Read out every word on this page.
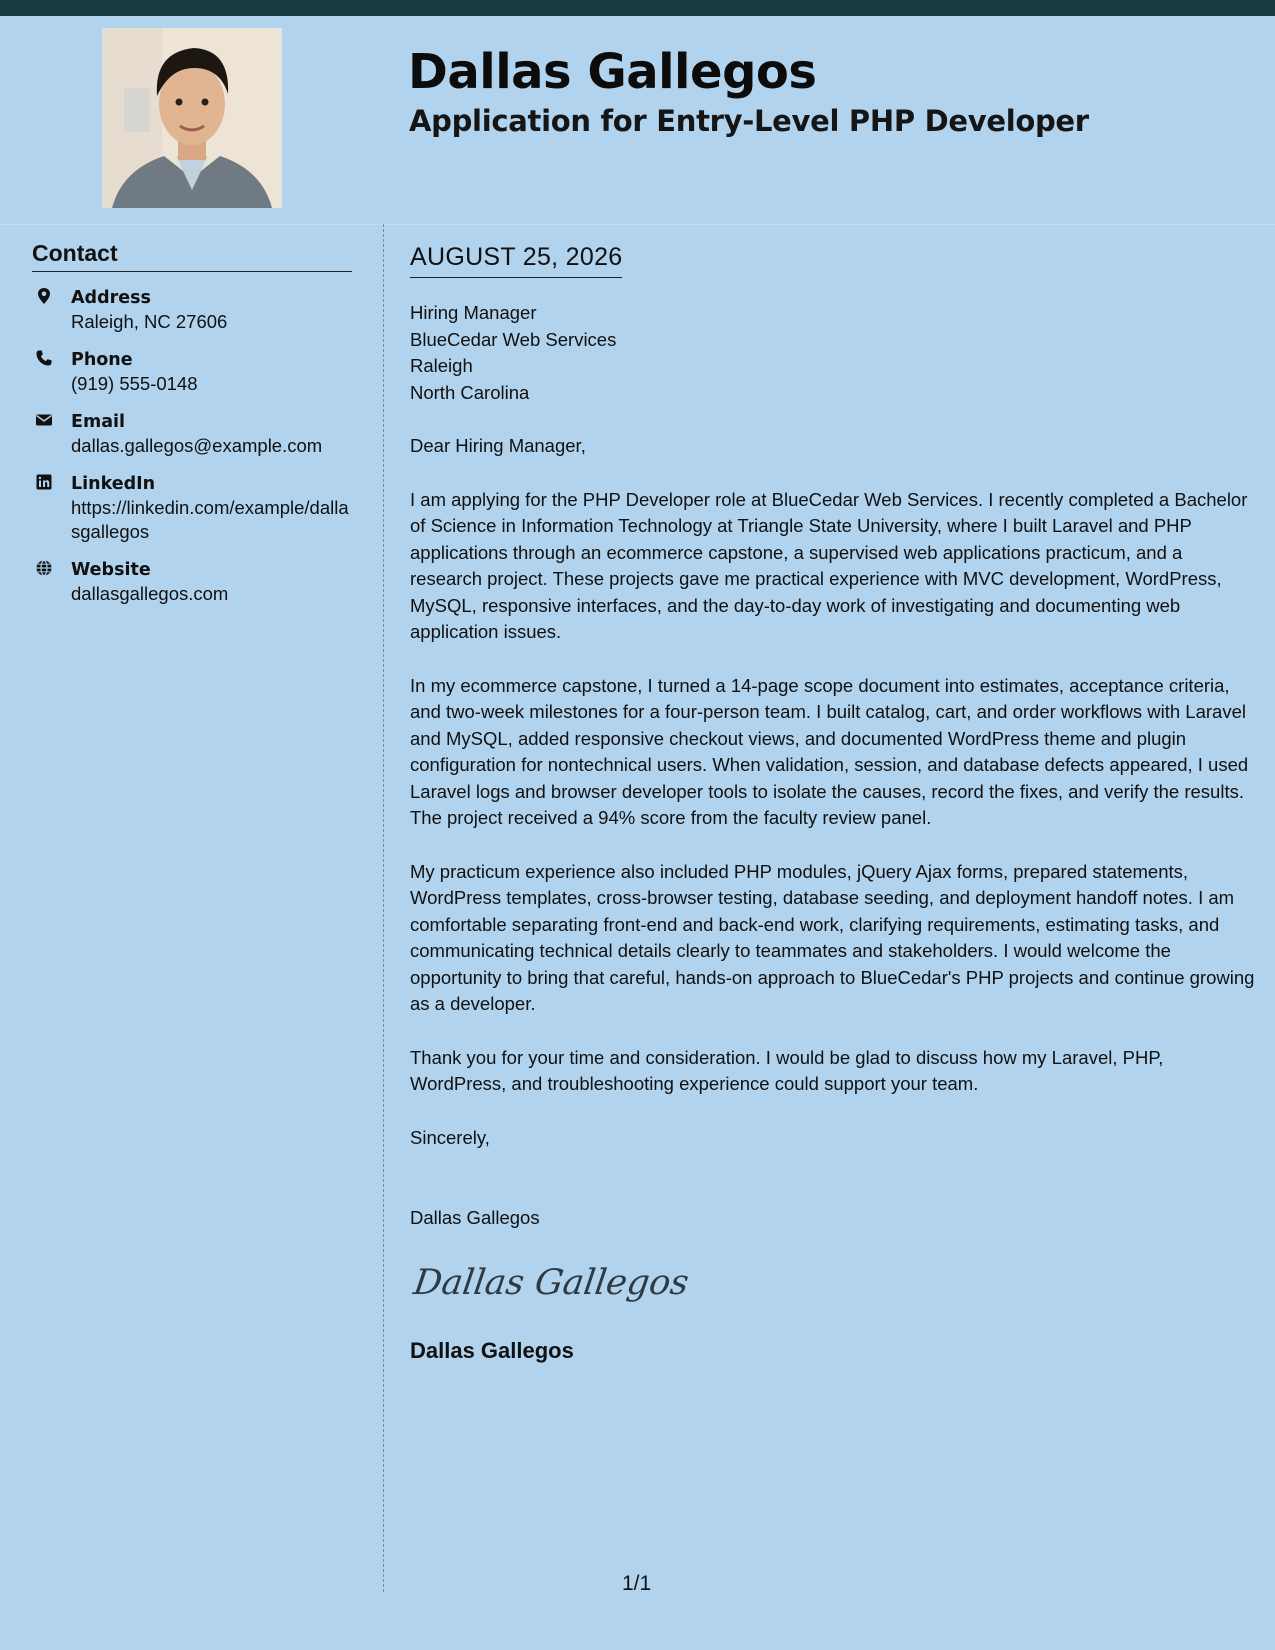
Dallas Gallegos
Application for Entry-Level PHP Developer
Contact
Address
Raleigh, NC 27606
Phone
(919) 555-0148
Email
dallas.gallegos@example.com
LinkedIn
https://linkedin.com/example/dallasgallegos
Website
dallasgallegos.com
AUGUST 25, 2026
Hiring Manager
BlueCedar Web Services
Raleigh
North Carolina

Dear Hiring Manager,

I am applying for the PHP Developer role at BlueCedar Web Services. I recently completed a Bachelor of Science in Information Technology at Triangle State University, where I built Laravel and PHP applications through an ecommerce capstone, a supervised web applications practicum, and a research project. These projects gave me practical experience with MVC development, WordPress, MySQL, responsive interfaces, and the day-to-day work of investigating and documenting web application issues.

In my ecommerce capstone, I turned a 14-page scope document into estimates, acceptance criteria, and two-week milestones for a four-person team. I built catalog, cart, and order workflows with Laravel and MySQL, added responsive checkout views, and documented WordPress theme and plugin configuration for nontechnical users. When validation, session, and database defects appeared, I used Laravel logs and browser developer tools to isolate the causes, record the fixes, and verify the results. The project received a 94% score from the faculty review panel.

My practicum experience also included PHP modules, jQuery Ajax forms, prepared statements, WordPress templates, cross-browser testing, database seeding, and deployment handoff notes. I am comfortable separating front-end and back-end work, clarifying requirements, estimating tasks, and communicating technical details clearly to teammates and stakeholders. I would welcome the opportunity to bring that careful, hands-on approach to BlueCedar's PHP projects and continue growing as a developer.

Thank you for your time and consideration. I would be glad to discuss how my Laravel, PHP, WordPress, and troubleshooting experience could support your team.

Sincerely,

Dallas Gallegos
Dallas Gallegos
Dallas Gallegos
1/1
